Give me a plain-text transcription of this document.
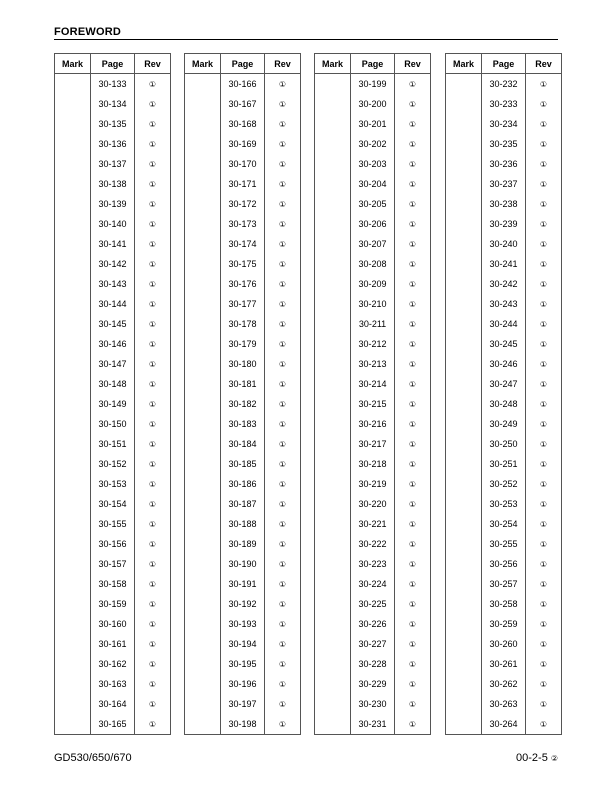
FOREWORD
Mark	Page	Rev
	30-133	①
	30-134	①
	30-135	①
	30-136	①
	30-137	①
	30-138	①
	30-139	①
	30-140	①
	30-141	①
	30-142	①
	30-143	①
	30-144	①
	30-145	①
	30-146	①
	30-147	①
	30-148	①
	30-149	①
	30-150	①
	30-151	①
	30-152	①
	30-153	①
	30-154	①
	30-155	①
	30-156	①
	30-157	①
	30-158	①
	30-159	①
	30-160	①
	30-161	①
	30-162	①
	30-163	①
	30-164	①
	30-165	①
Mark	Page	Rev
	30-166	①
	30-167	①
	30-168	①
	30-169	①
	30-170	①
	30-171	①
	30-172	①
	30-173	①
	30-174	①
	30-175	①
	30-176	①
	30-177	①
	30-178	①
	30-179	①
	30-180	①
	30-181	①
	30-182	①
	30-183	①
	30-184	①
	30-185	①
	30-186	①
	30-187	①
	30-188	①
	30-189	①
	30-190	①
	30-191	①
	30-192	①
	30-193	①
	30-194	①
	30-195	①
	30-196	①
	30-197	①
	30-198	①
Mark	Page	Rev
	30-199	①
	30-200	①
	30-201	①
	30-202	①
	30-203	①
	30-204	①
	30-205	①
	30-206	①
	30-207	①
	30-208	①
	30-209	①
	30-210	①
	30-211	①
	30-212	①
	30-213	①
	30-214	①
	30-215	①
	30-216	①
	30-217	①
	30-218	①
	30-219	①
	30-220	①
	30-221	①
	30-222	①
	30-223	①
	30-224	①
	30-225	①
	30-226	①
	30-227	①
	30-228	①
	30-229	①
	30-230	①
	30-231	①
Mark	Page	Rev
	30-232	①
	30-233	①
	30-234	①
	30-235	①
	30-236	①
	30-237	①
	30-238	①
	30-239	①
	30-240	①
	30-241	①
	30-242	①
	30-243	①
	30-244	①
	30-245	①
	30-246	①
	30-247	①
	30-248	①
	30-249	①
	30-250	①
	30-251	①
	30-252	①
	30-253	①
	30-254	①
	30-255	①
	30-256	①
	30-257	①
	30-258	①
	30-259	①
	30-260	①
	30-261	①
	30-262	①
	30-263	①
	30-264	①
GD530/650/670	00-2-5 ②
